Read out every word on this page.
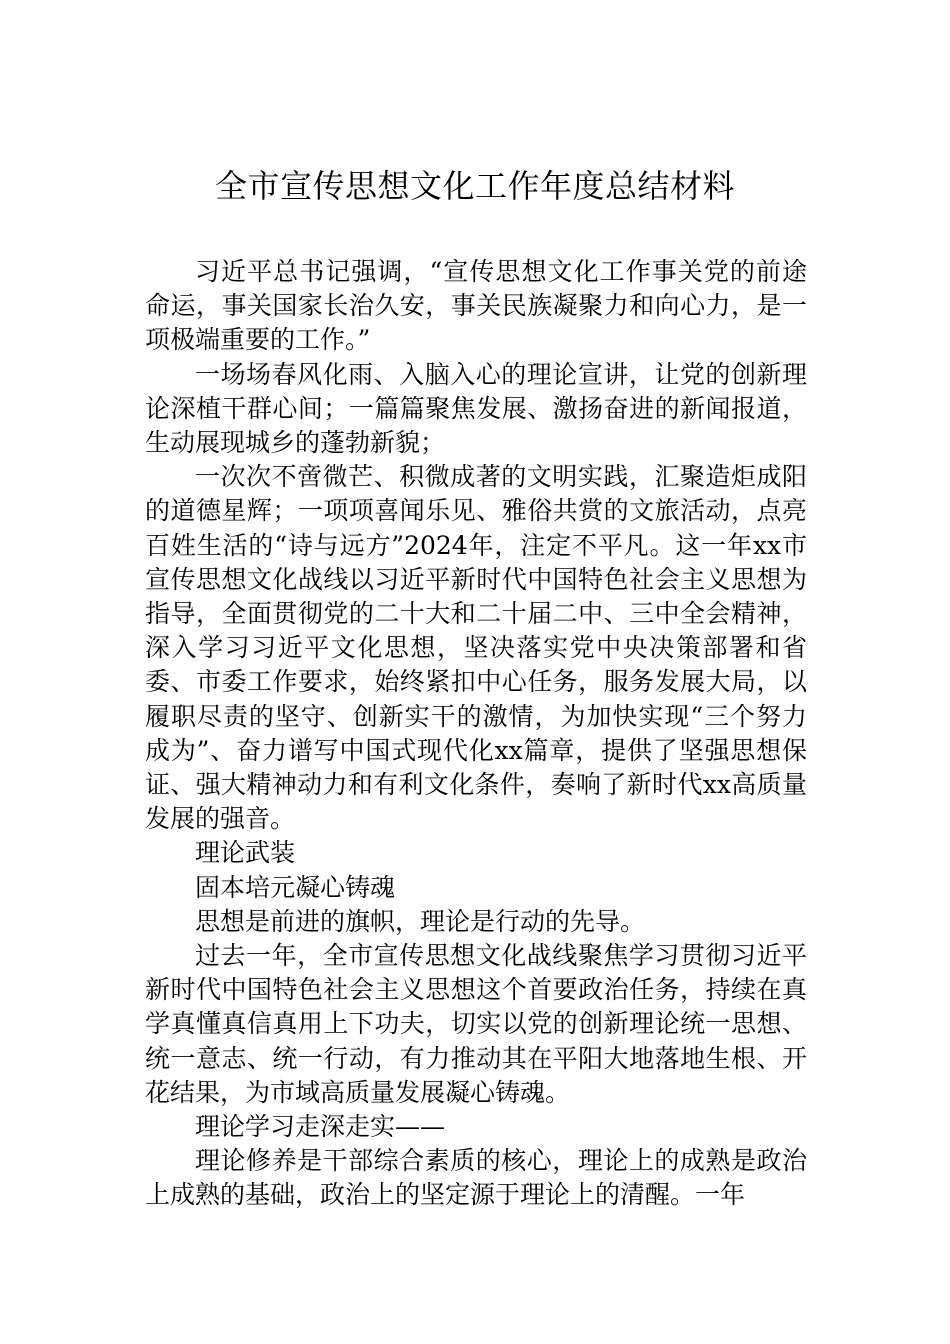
全市宣传思想文化工作年度总结材料

习近平总书记强调，“宣传思想文化工作事关党的前途命运，事关国家长治久安，事关民族凝聚力和向心力，是一项极端重要的工作。”

一场场春风化雨、入脑入心的理论宣讲，让党的创新理论深植干群心间；一篇篇聚焦发展、激扬奋进的新闻报道，生动展现城乡的蓬勃新貌；

一次次不啻微芒、积微成著的文明实践，汇聚造炬成阳的道德星辉；一项项喜闻乐见、雅俗共赏的文旅活动，点亮百姓生活的“诗与远方”2024年，注定不平凡。这一年xx市宣传思想文化战线以习近平新时代中国特色社会主义思想为指导，全面贯彻党的二十大和二十届二中、三中全会精神，深入学习习近平文化思想，坚决落实党中央决策部署和省委、市委工作要求，始终紧扣中心任务，服务发展大局，以履职尽责的坚守、创新实干的激情，为加快实现“三个努力成为”、奋力谱写中国式现代化xx篇章，提供了坚强思想保证、强大精神动力和有利文化条件，奏响了新时代xx高质量发展的强音。

理论武装

固本培元凝心铸魂

思想是前进的旗帜，理论是行动的先导。

过去一年，全市宣传思想文化战线聚焦学习贯彻习近平新时代中国特色社会主义思想这个首要政治任务，持续在真学真懂真信真用上下功夫，切实以党的创新理论统一思想、统一意志、统一行动，有力推动其在平阳大地落地生根、开花结果，为市域高质量发展凝心铸魂。

理论学习走深走实——

理论修养是干部综合素质的核心，理论上的成熟是政治上成熟的基础，政治上的坚定源于理论上的清醒。一年
